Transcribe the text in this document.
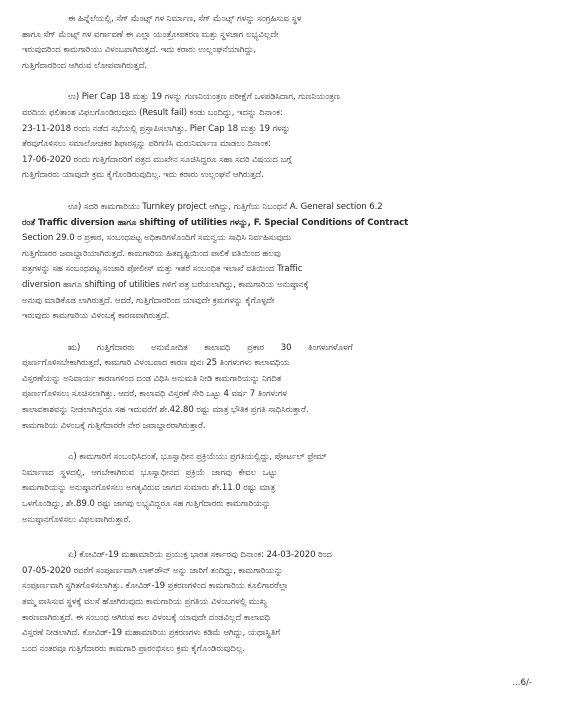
ಈ ಹಿನ್ನೆಲೆಯಲ್ಲಿ, ಸೆಗ್ ಮೆಂಟ್ಸ್ ಗಳ ನಿರ್ಮಾಣ, ಸೆಗ್ ಮೆಂಟ್ಸ್ ಗಳನ್ನು ಸಂಗ್ರಹಿಸುವ ಸ್ಥಳ
ಹಾಗೂ ಸೆಗ್ ಮೆಂಟ್ಸ್ ಗಳ ವರ್ಗಾವಣೆ ಈ ಎಲ್ಲಾ ಯಂತ್ರೋಪಕರಣ ಮತ್ತು ಸ್ಥಳಜಾಗ ಲಭ್ಯವಿಲ್ಲದೇ
ಇರುವುದರಿಂದ ಕಾಮಗಾರಿಯು ವಿಳಂಬವಾಗಿರುತ್ತದೆ. ಇದು ಕರಾರು ಉಲ್ಲಂಘನೆಯಾಗಿದ್ದು,
ಗುತ್ತಿಗೆದಾರರಿಂದ ಆಗಿರುವ ಲೋಪವಾಗಿರುತ್ತದೆ.
ಉ) Pier Cap 18 ಮತ್ತು 19 ಗಳನ್ನು ಗುಣನಿಯಂತ್ರಣ ಪರೀಕ್ಷೆಗೆ ಒಳಪಡಿಸಿದಾಗ, ಗುಣನಿಯಂತ್ರಣ
ವರದಿಯ ಫಲಿತಾಂಶ ವಿಫಲಗೊಂಡಿರುವುದು (Result fail) ಕಂಡು ಬಂದಿದ್ದು, ಇದನ್ನು ದಿನಾಂಕ:
23-11-2018 ರಂದು ನಡೆದ ಸಭೆಯಲ್ಲಿ ಪ್ರಸ್ತಾಪಿಸಲಾಗಿತ್ತು. Pier Cap 18 ಮತ್ತು 19 ಗಳನ್ನು
ತೆರವುಗೊಳಿಸಲು ಸಮಾಲೋಚಕರ ಶಿಫಾರಸ್ಸನ್ನು ಪರಿಗಣಿಸಿ ಮರುನಿರ್ಮಾಣ ಮಾಡಲು ದಿನಾಂಕ:
17-06-2020 ರಂದು ಗುತ್ತಿಗೆದಾರರಿಗೆ ಪತ್ರದ ಮುಖೇನ ಸೂಚಿಸಿದ್ದರೂ ಸಹಾ ಸದರಿ ವಿಷಯದ ಬಗ್ಗೆ
ಗುತ್ತಿಗೆದಾರರು ಯಾವುದೇ ಕ್ರಮ ಕೈಗೊಂಡಿರುವುದಿಲ್ಲ. ಇದು ಕರಾರು ಉಲ್ಲಂಘನೆ ಆಗಿರುತ್ತದೆ.
ಊ) ಸದರಿ ಕಾಮಗಾರಿಯು Turnkey project ಆಗಿದ್ದು, ಗುತ್ತಿಗೆಯ ನಿಬಂಧನೆ A. General section 6.2
ರಂತೆ Traffic diversion ಹಾಗೂ shifting of utilities ಗಳನ್ನು, F. Special Conditions of Contract
Section 29.0 ರ ಪ್ರಕಾರ, ಸಂಬಂಧಪಟ್ಟ ಅಧಿಕಾರಿಗಳೊಂದಿಗೆ ಸಮನ್ವಯ ಸಾಧಿಸಿ ನಿರ್ವಹಿಸುವುದು
ಗುತ್ತಿಗೆದಾರರ ಜವಾಬ್ದಾರಿಯಾಗಿರುತ್ತದೆ. ಕಾಮಗಾರಿಯ ಹಿತದೃಷ್ಟಿಯಿಂದ ಪಾಲಿಕೆ ವತಿಯಿಂದ ಹಲವು
ಪತ್ರಗಳನ್ನು ಸಹ ಸಂಬಂಧಪಟ್ಟ ಸಂಚಾರಿ ಪೋಲೀಸ್ ಮತ್ತು ಇತರೆ ಸಂಬಂಧಿತ ಇಲಾಖೆ ವತಿಯಿಂದ Traffic
diversion ಹಾಗೂ shifting of utilities ಗಳಿಗೆ ಪತ್ರ ಬರೆಯಲಾಗಿದ್ದು, ಕಾಮಗಾರಿಯ ಅನುಷ್ಠಾನಕ್ಕೆ
ಅನುವು ಮಾಡಿಕೊಡ ಲಾಗಿರುತ್ತದೆ. ಆದರೆ, ಗುತ್ತಿಗೆದಾರರಿಂದ ಯಾವುದೇ ಕ್ರಮಗಳನ್ನು ಕೈಗೊಳ್ಳದೇ
ಇರುವುದು ಕಾಮಗಾರಿಯ ವಿಳಂಬಕ್ಕೆ ಕಾರಣವಾಗಿರುತ್ತದೆ.
ಋ) ಗುತ್ತಿಗೆದಾರರು ಅನುಮೋದಿತ ಕಾಲಾವಧಿ ಪ್ರಕಾರ 30 ತಿಂಗಳುಗಳೊಳಗೆ
ಪೂರ್ಣಗೊಳಿಸಬೇಕಾಗಿರುತ್ತದೆ, ಕಾಮಗಾರಿ ವಿಳಂಬವಾದ ಕಾರಣ ಪುನಃ 25 ತಿಂಗಳುಗಳು ಕಾಲಾವಧಿಯ
ವಿಸ್ತರಣೆಯನ್ನು ಅನಿವಾರ್ಯ ಕಾರಣಗಳಿಂದ ದಂಡ ವಿಧಿಸಿ ಅನುಮತಿ ನೀಡಿ ಕಾಮಗಾರಿಯನ್ನು ನಿಗದಿತ
ಪೂರ್ಣಗೊಳಿಸಲು ಸೂಚಿಸಲಾಗಿತ್ತು. ಆದರೆ, ಕಾಲಾವಧಿ ವಿಸ್ತರಣೆ ಸೇರಿ ಒಟ್ಟು 4 ವರ್ಷ 7 ತಿಂಗಳುಗಳ
ಕಾಲಾವಕಾಶವನ್ನು ನೀಡಲಾಗಿದ್ದರೂ ಸಹ ಇದುವರೆಗೆ ಶೇ.42.80 ರಷ್ಟು ಮಾತ್ರ ಭೌತಿಕ ಪ್ರಗತಿ ಸಾಧಿಸಿರುತ್ತಾರೆ.
ಕಾಮಗಾರಿಯ ವಿಳಂಬಕ್ಕೆ ಗುತ್ತಿಗೆದಾರರೇ ನೇರ ಜವಾಬ್ದಾರರಾಗಿರುತ್ತಾರೆ.
ಎ) ಕಾಮಗಾರಿಗೆ ಸಂಬಂಧಿಸಿದಂತೆ, ಭೂಸ್ವಾಧೀನ ಪ್ರಕ್ರಿಯೆಯು ಪ್ರಗತಿಯಲ್ಲಿದ್ದು, ಪೋರ್ಟಲ್ ಫ್ರೇಮ್
ನಿರ್ಮಾಣದ ಸ್ಥಳದಲ್ಲಿ, ಆಗಬೇಕಾಗಿರುವ ಭೂಸ್ವಾಧೀನದ ಪ್ರಕ್ರಿಯೆ ಜಾಗವು ಕೇವಲ ಒಟ್ಟು
ಕಾಮಗಾರಿಯನ್ನು ಅನುಷ್ಠಾನಗೊಳಿಸಲು ಅಗತ್ಯವಿರುವ ಜಾಗದ ಸುಮಾರು ಶೇ.11.0 ರಷ್ಟು ಮಾತ್ರ
ಒಳಗೊಂಡಿದ್ದು, ಶೇ.89.0 ರಷ್ಟು ಜಾಗವು ಲಭ್ಯವಿದ್ದರೂ ಸಹ ಗುತ್ತಿಗೆದಾರರು ಕಾಮಗಾರಿಯನ್ನು
ಅನುಷ್ಠಾನಗೊಳಿಸಲು ವಿಫಲವಾಗಿರುತ್ತಾರೆ.
ಏ) ಕೋವಿಡ್-19 ಮಹಾಮಾರಿಯ ಪ್ರಯುಕ್ತ ಭಾರತ ಸರ್ಕಾರವು ದಿನಾಂಕ: 24-03-2020 ರಿಂದ
07-05-2020 ರವರೆಗೆ ಸಂಪೂರ್ಣವಾಗಿ ಲಾಕ್‌ಡೌನ್ ಅನ್ನು ಜಾರಿಗೆ ತಂದಿದ್ದು, ಕಾಮಗಾರಿಯನ್ನು
ಸಂಪೂರ್ಣವಾಗಿ ಸ್ಥಗಿತಗೊಳಿಸಲಾಗಿತ್ತು. ಕೋವಿಡ್-19 ಪ್ರಕರಣಗಳಿಂದ ಕಾಮಗಾರಿಯ ಕೂಲಿಗಾರರೆಲ್ಲಾ
ತಮ್ಮ ವಾಸಿಸುವ ಸ್ಥಳಕ್ಕೆ ವಲಸೆ ಹೋಗಿರುವುದು ಕಾಮಗಾರಿಯ ಪ್ರಗತಿಯ ವಿಳಂಬಗಳಲ್ಲಿ ಮುಖ್ಯ
ಕಾರಣವಾಗಿರುತ್ತದೆ. ಈ ಸಂಬಂಧ ಆಗಿರುವ ಕಾಲ ವಿಳಂಬಕ್ಕೆ ಯಾವುದೇ ದಂಡವಿಲ್ಲದೆ ಕಾಲಾವಧಿ
ವಿಸ್ತರಣೆ ನೀಡಲಾಗಿದೆ. ಕೋವಿಡ್-19 ಮಹಾಮಾರಿಯ ಪ್ರಕರಣಗಳು ಕಡಿಮೆ ಆಗಿದ್ದು, ಯಥಾಸ್ಥಿತಿಗೆ
ಬಂದ ನಂತರವೂ ಗುತ್ತಿಗೆದಾರರು ಕಾಮಗಾರಿ ಪ್ರಾರಂಭಿಸಲು ಕ್ರಮ ಕೈಗೊಂಡಿರುವುದಿಲ್ಲ.
...6/-
